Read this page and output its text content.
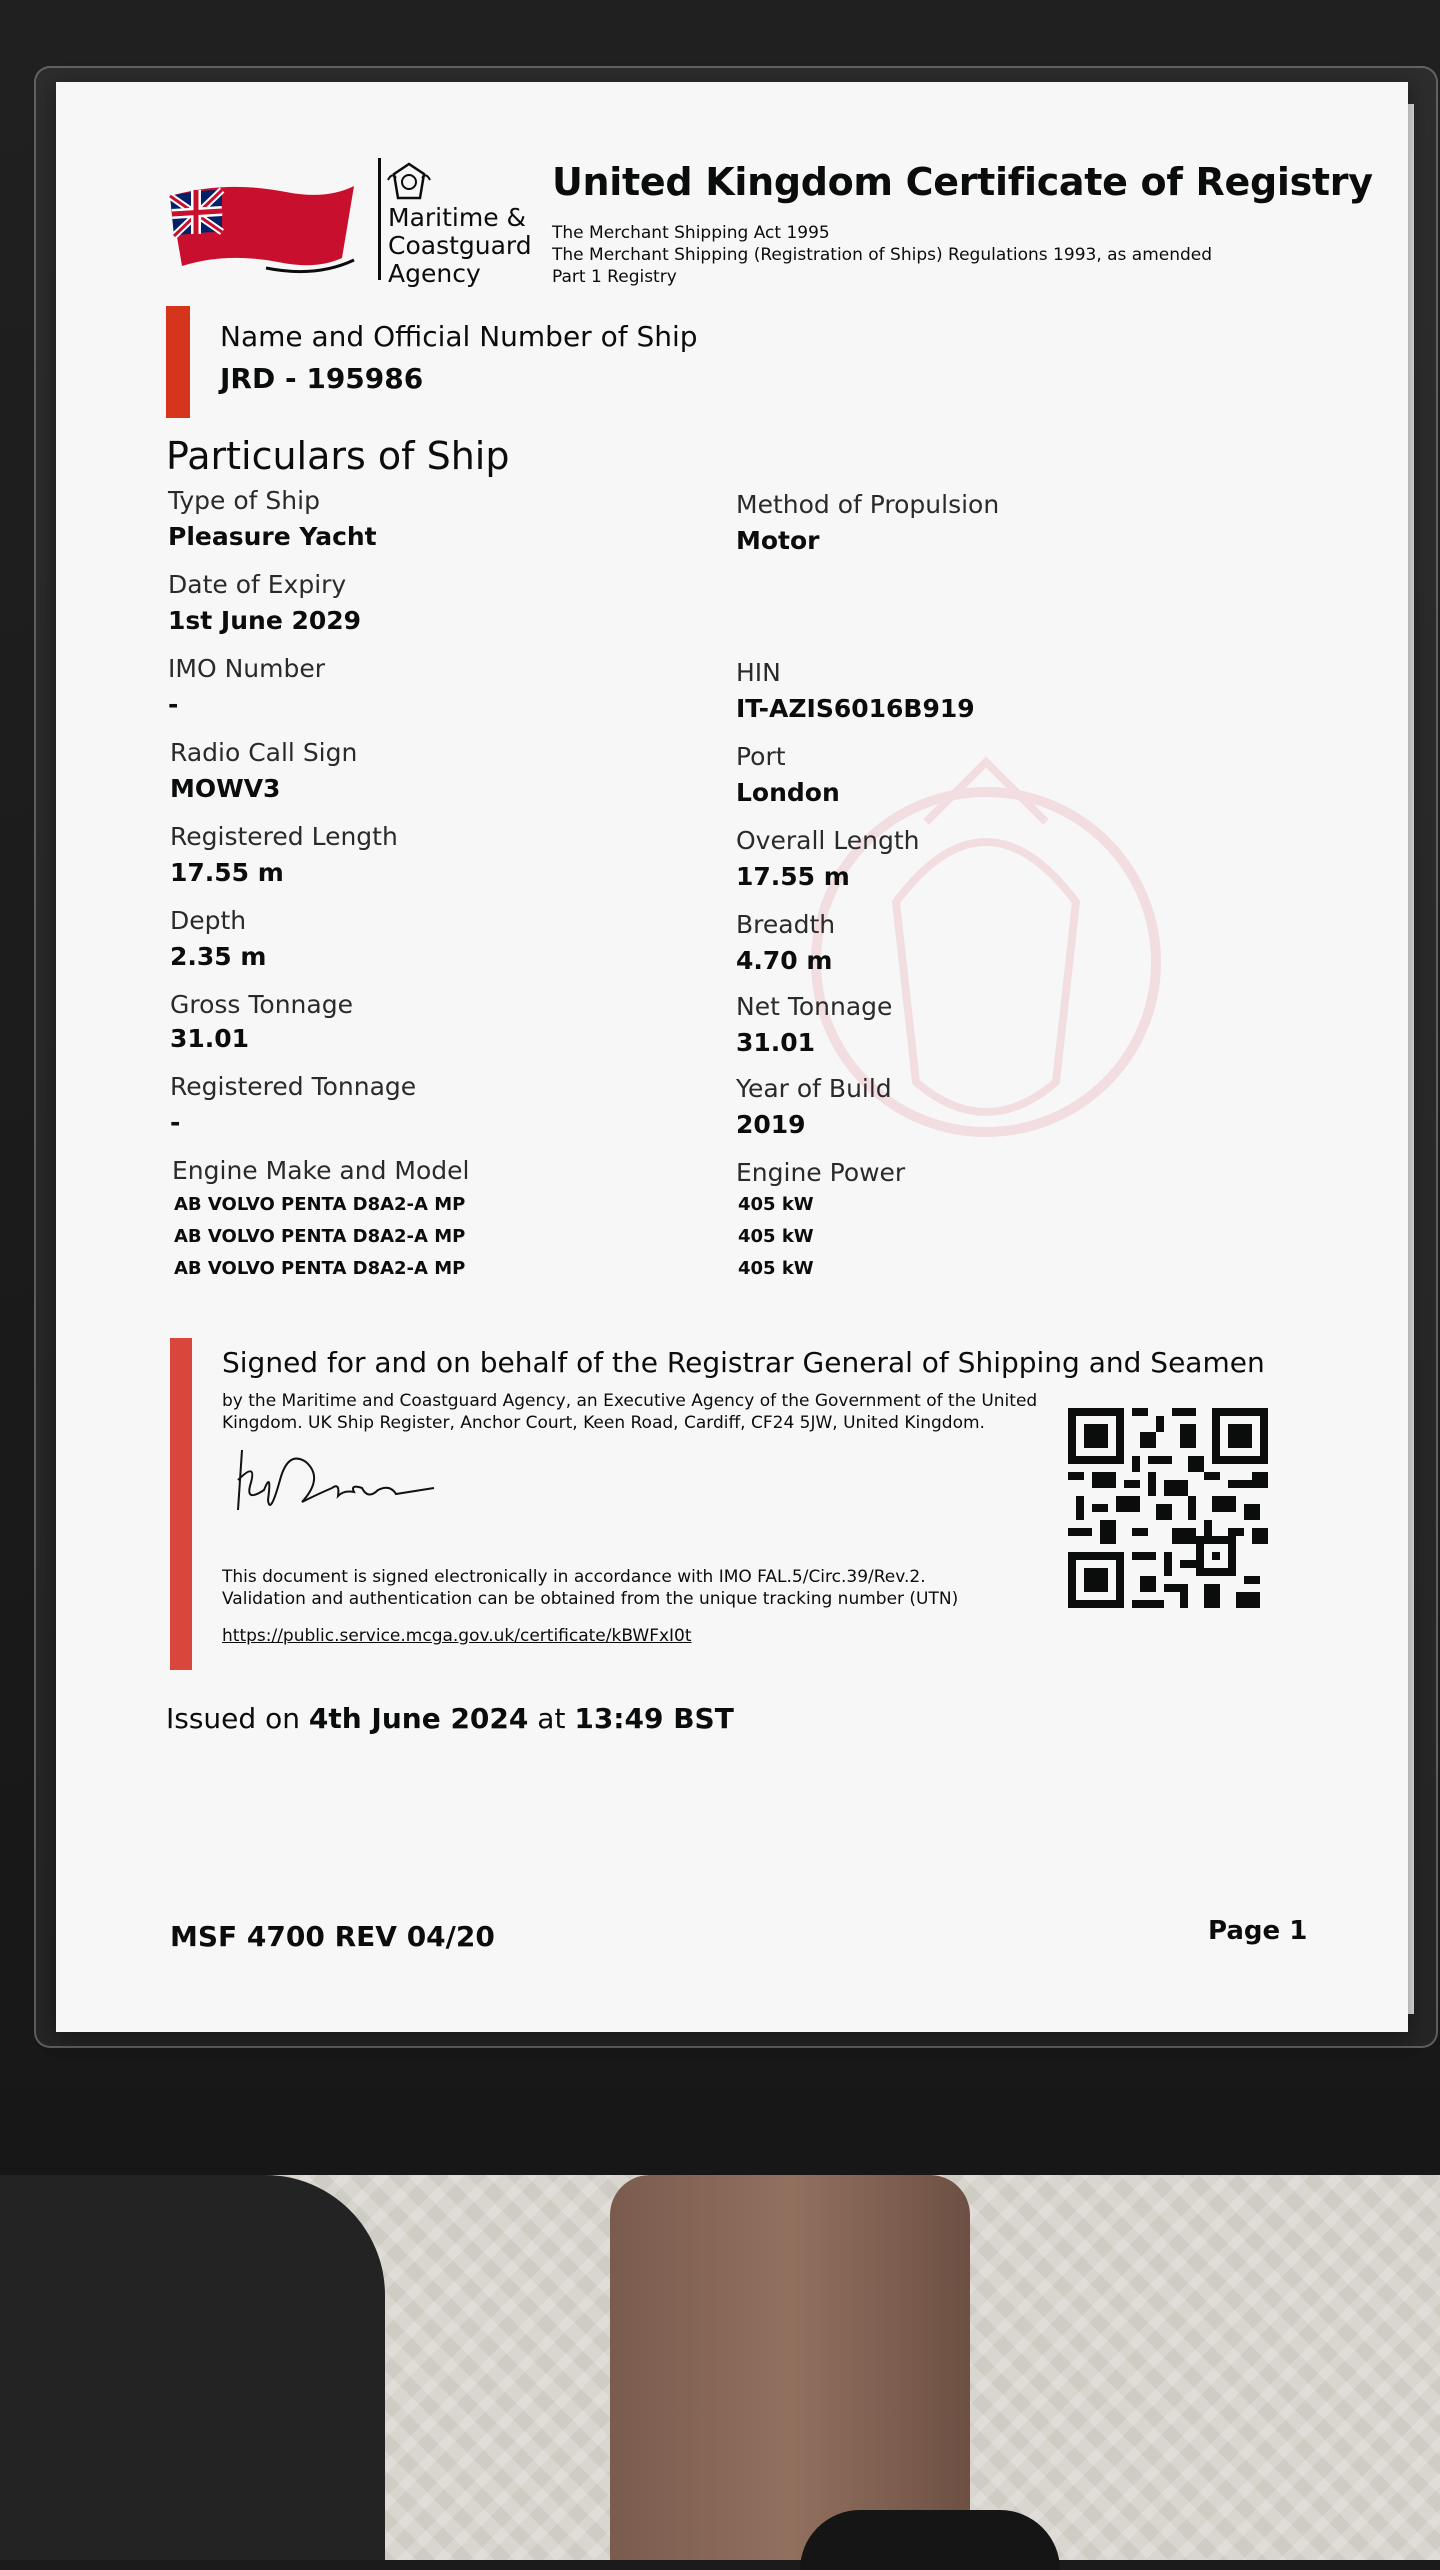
Maritime &
Coastguard
Agency
United Kingdom Certificate of Registry
The Merchant Shipping Act 1995
The Merchant Shipping (Registration of Ships) Regulations 1993, as amended
Part 1 Registry
Name and Official Number of Ship
JRD - 195986
Particulars of Ship
Type of Ship
Pleasure Yacht
Date of Expiry
1st June 2029
IMO Number
-
Radio Call Sign
MOWV3
Registered Length
17.55 m
Depth
2.35 m
Gross Tonnage
31.01
Registered Tonnage
-
Engine Make and Model
AB VOLVO PENTA D8A2-A MP
AB VOLVO PENTA D8A2-A MP
AB VOLVO PENTA D8A2-A MP
Method of Propulsion
Motor
HIN
IT-AZIS6016B919
Port
London
Overall Length
17.55 m
Breadth
4.70 m
Net Tonnage
31.01
Year of Build
2019
Engine Power
405 kW
405 kW
405 kW
Signed for and on behalf of the Registrar General of Shipping and Seamen
by the Maritime and Coastguard Agency, an Executive Agency of the Government of the United
Kingdom. UK Ship Register, Anchor Court, Keen Road, Cardiff, CF24 5JW, United Kingdom.
This document is signed electronically in accordance with IMO FAL.5/Circ.39/Rev.2.
Validation and authentication can be obtained from the unique tracking number (UTN)
https://public.service.mcga.gov.uk/certificate/kBWFxI0t
Issued on 4th June 2024 at 13:49 BST
MSF 4700 REV 04/20	Page 1
